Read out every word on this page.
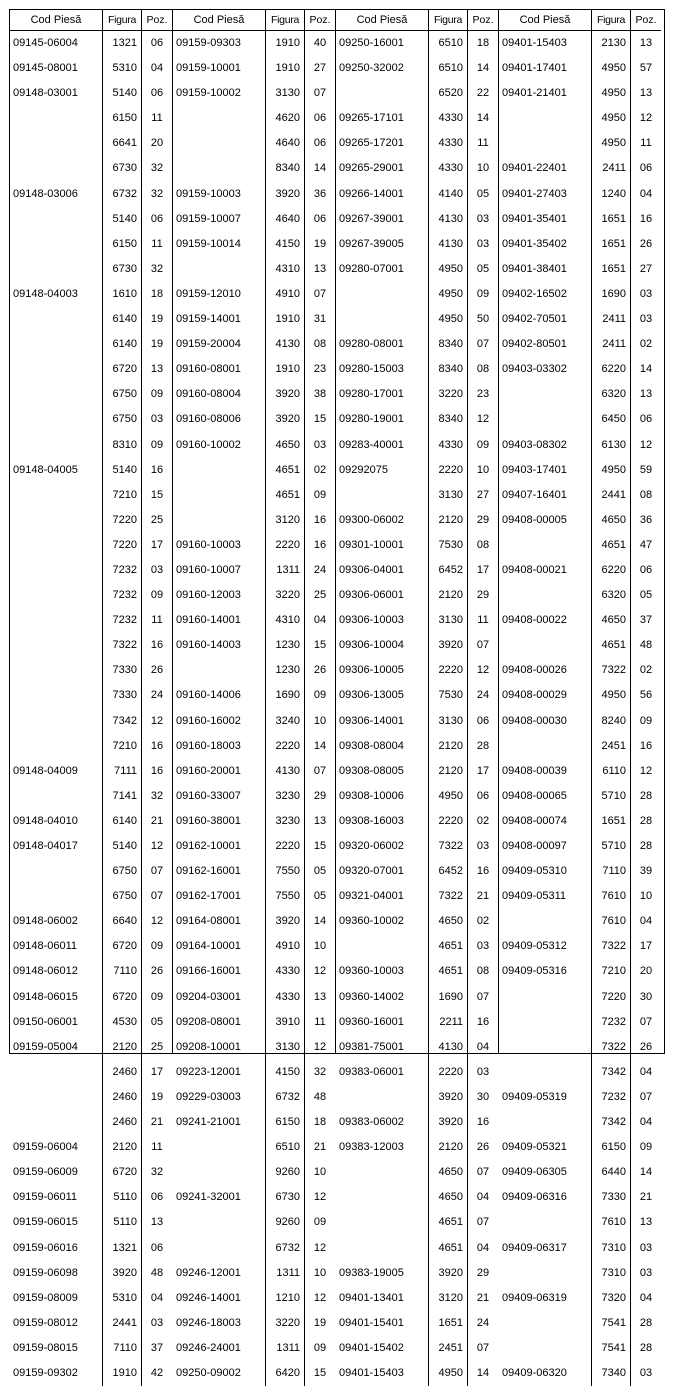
Cod Piesă	Figura	Poz.
09145-06004	1321	06
09145-08001	5310	04
09148-03001	5140	06
6150	11
6641	20
6730	32
09148-03006	6732	32
5140	06
6150	11
6730	32
09148-04003	1610	18
6140	19
6140	19
6720	13
6750	09
6750	03
8310	09
09148-04005	5140	16
7210	15
7220	25
7220	17
7232	03
7232	09
7232	11
7322	16
7330	26
7330	24
7342	12
7210	16
09148-04009	7111	16
7141	32
09148-04010	6140	21
09148-04017	5140	12
6750	07
6750	07
09148-06002	6640	12
09148-06011	6720	09
09148-06012	7110	26
09148-06015	6720	09
09150-06001	4530	05
09159-05004	2120	25
2460	17
2460	19
2460	21
09159-06004	2120	11
09159-06009	6720	32
09159-06011	5110	06
09159-06015	5110	13
09159-06016	1321	06
09159-06098	3920	48
09159-08009	5310	04
09159-08012	2441	03
09159-08015	7110	37
09159-09302	1910	42
Cod Piesă	Figura	Poz.
09159-09303	1910	40
09159-10001	1910	27
09159-10002	3130	07
4620	06
4640	06
8340	14
09159-10003	3920	36
09159-10007	4640	06
09159-10014	4150	19
4310	13
09159-12010	4910	07
09159-14001	1910	31
09159-20004	4130	08
09160-08001	1910	23
09160-08004	3920	38
09160-08006	3920	15
09160-10002	4650	03
4651	02
4651	09
3120	16
09160-10003	2220	16
09160-10007	1311	24
09160-12003	3220	25
09160-14001	4310	04
09160-14003	1230	15
1230	26
09160-14006	1690	09
09160-16002	3240	10
09160-18003	2220	14
09160-20001	4130	07
09160-33007	3230	29
09160-38001	3230	13
09162-10001	2220	15
09162-16001	7550	05
09162-17001	7550	05
09164-08001	3920	14
09164-10001	4910	10
09166-16001	4330	12
09204-03001	4330	13
09208-08001	3910	11
09208-10001	3130	12
09223-12001	4150	32
09229-03003	6732	48
09241-21001	6150	18
6510	21
9260	10
09241-32001	6730	12
9260	09
6732	12
09246-12001	1311	10
09246-14001	1210	12
09246-18003	3220	19
09246-24001	1311	09
09250-09002	6420	15
Cod Piesă	Figura	Poz.
09250-16001	6510	18
09250-32002	6510	14
6520	22
09265-17101	4330	14
09265-17201	4330	11
09265-29001	4330	10
09266-14001	4140	05
09267-39001	4130	03
09267-39005	4130	03
09280-07001	4950	05
4950	09
4950	50
09280-08001	8340	07
09280-15003	8340	08
09280-17001	3220	23
09280-19001	8340	12
09283-40001	4330	09
09292075	2220	10
3130	27
09300-06002	2120	29
09301-10001	7530	08
09306-04001	6452	17
09306-06001	2120	29
09306-10003	3130	11
09306-10004	3920	07
09306-10005	2220	12
09306-13005	7530	24
09306-14001	3130	06
09308-08004	2120	28
09308-08005	2120	17
09308-10006	4950	06
09308-16003	2220	02
09320-06002	7322	03
09320-07001	6452	16
09321-04001	7322	21
09360-10002	4650	02
4651	03
09360-10003	4651	08
09360-14002	1690	07
09360-16001	2211	16
09381-75001	4130	04
09383-06001	2220	03
3920	30
09383-06002	3920	16
09383-12003	2120	26
4650	07
4650	04
4651	07
4651	04
09383-19005	3920	29
09401-13401	3120	21
09401-15401	1651	24
09401-15402	2451	07
09401-15403	4950	14
Cod Piesă	Figura	Poz.
09401-15403	2130	13
09401-17401	4950	57
09401-21401	4950	13
4950	12
4950	11
09401-22401	2411	06
09401-27403	1240	04
09401-35401	1651	16
09401-35402	1651	26
09401-38401	1651	27
09402-16502	1690	03
09402-70501	2411	03
09402-80501	2411	02
09403-03302	6220	14
6320	13
6450	06
09403-08302	6130	12
09403-17401	4950	59
09407-16401	2441	08
09408-00005	4650	36
4651	47
09408-00021	6220	06
6320	05
09408-00022	4650	37
4651	48
09408-00026	7322	02
09408-00029	4950	56
09408-00030	8240	09
2451	16
09408-00039	6110	12
09408-00065	5710	28
09408-00074	1651	28
09408-00097	5710	28
09409-05310	7110	39
09409-05311	7610	10
7610	04
09409-05312	7322	17
09409-05316	7210	20
7220	30
7232	07
7322	26
7342	04
09409-05319	7232	07
7342	04
09409-05321	6150	09
09409-06305	6440	14
09409-06316	7330	21
7610	13
09409-06317	7310	03
7310	03
09409-06319	7320	04
7541	28
7541	28
09409-06320	7340	03
